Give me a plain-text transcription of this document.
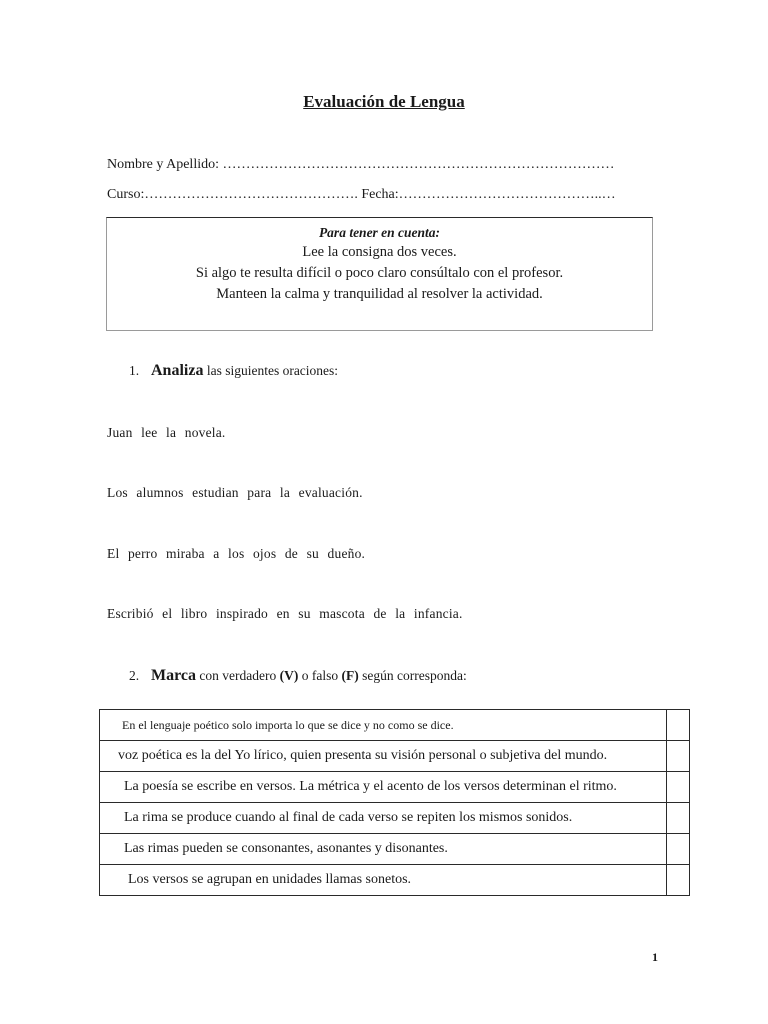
Evaluación de Lengua
Nombre y Apellido: …………………………………………………………………………
Curso:………………………………………. Fecha:……………………………………..…
Para tener en cuenta:
Lee la consigna dos veces.
Si algo te resulta difícil o poco claro consúltalo con el profesor.
Manteen la calma y tranquilidad al resolver la actividad.
1. Analiza las siguientes oraciones:
Juan lee la novela.
Los alumnos estudian para la evaluación.
El perro miraba a los ojos de su dueño.
Escribió el libro inspirado en su mascota de la infancia.
2. Marca con verdadero (V) o falso (F) según corresponda:
En el lenguaje poético solo importa lo que se dice y no como se dice.	
voz poética es la del Yo lírico, quien presenta su visión personal o subjetiva del mundo.	
La poesía se escribe en versos. La métrica y el acento de los versos determinan el ritmo.	
La rima se produce cuando al final de cada verso se repiten los mismos sonidos.	
Las rimas pueden se consonantes, asonantes y disonantes.	
Los versos se agrupan en unidades llamas sonetos.	
1
